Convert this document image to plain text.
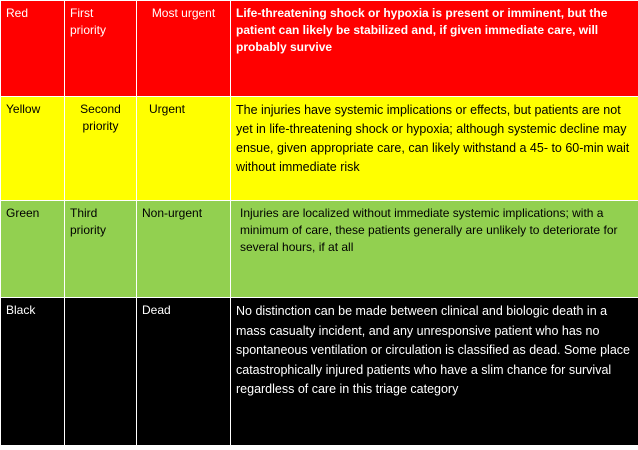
Red	First priority	Most urgent	Life-threatening shock or hypoxia is present or imminent, but the patient can likely be stabilized and, if given immediate care, will probably survive
Yellow	Second priority	Urgent	The injuries have systemic implications or effects, but patients are not yet in life-threatening shock or hypoxia; although systemic decline may ensue, given appropriate care, can likely withstand a 45- to 60-min wait without immediate risk
Green	Third priority	Non-urgent	Injuries are localized without immediate systemic implications; with a minimum of care, these patients generally are unlikely to deteriorate for several hours, if at all
Black		Dead	No distinction can be made between clinical and biologic death in a mass casualty incident, and any unresponsive patient who has no spontaneous ventilation or circulation is classified as dead. Some place catastrophically injured patients who have a slim chance for survival regardless of care in this triage category
